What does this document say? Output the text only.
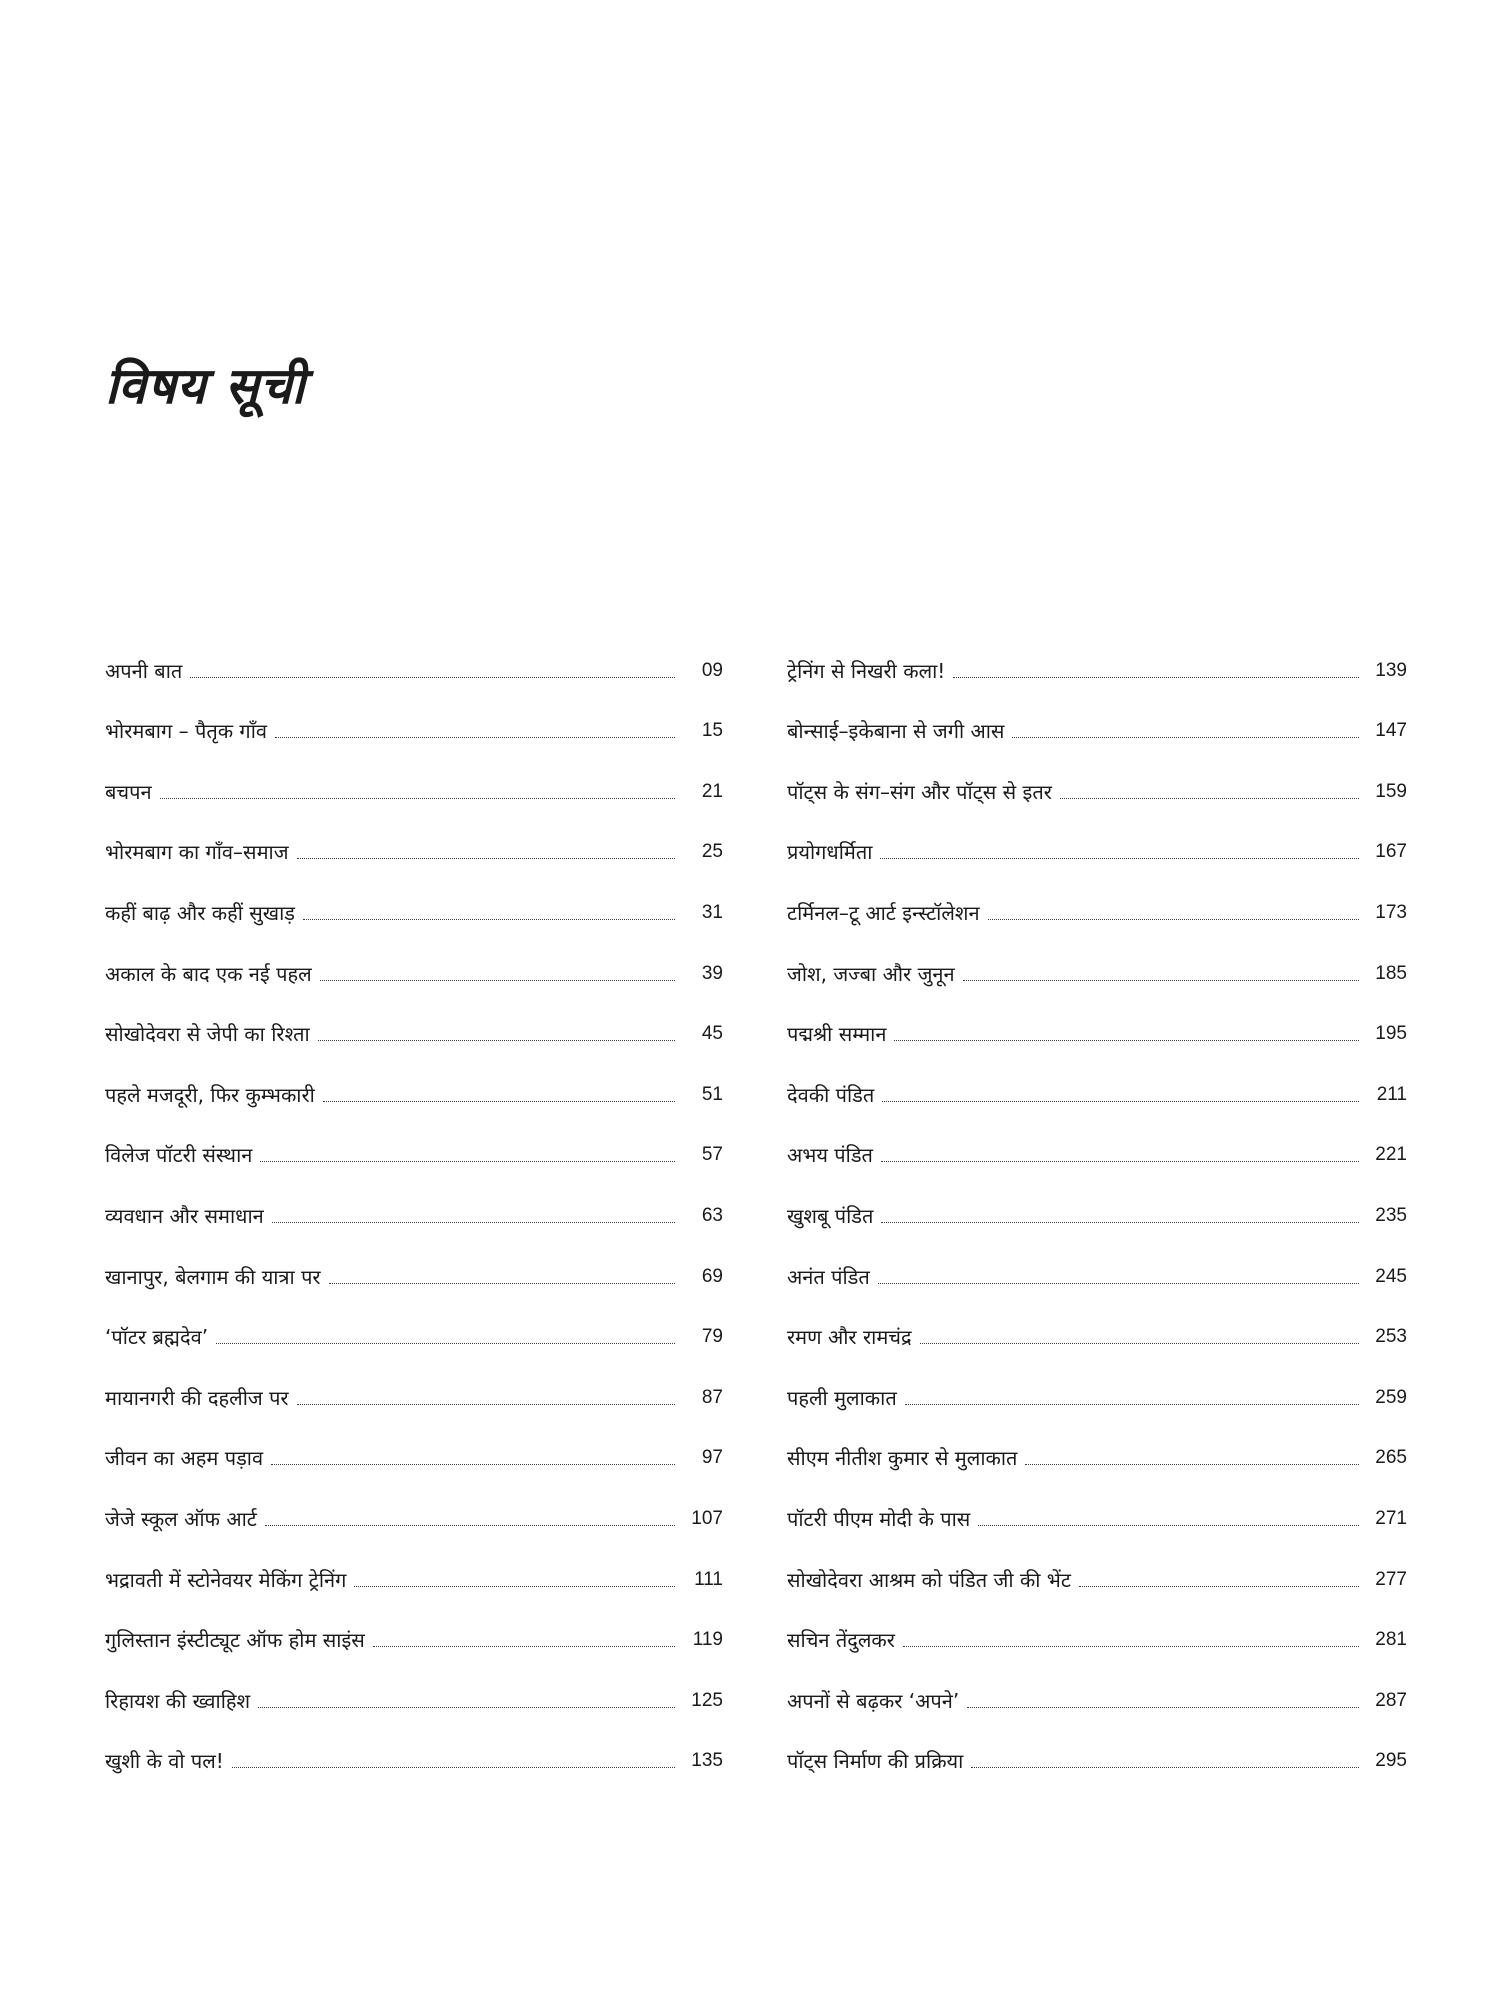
विषय सूची
अपनी बात	09
भोरमबाग – पैतृक गाँव	15
बचपन	21
भोरमबाग का गाँव–समाज	25
कहीं बाढ़ और कहीं सुखाड़	31
अकाल के बाद एक नई पहल	39
सोखोदेवरा से जेपी का रिश्ता	45
पहले मजदूरी, फिर कुम्भकारी	51
विलेज पॉटरी संस्थान	57
व्यवधान और समाधान	63
खानापुर, बेलगाम की यात्रा पर	69
‘पॉटर ब्रह्मदेव’	79
मायानगरी की दहलीज पर	87
जीवन का अहम पड़ाव	97
जेजे स्कूल ऑफ आर्ट	107
भद्रावती में स्टोनेवयर मेकिंग ट्रेनिंग	111
गुलिस्तान इंस्टीट्यूट ऑफ होम साइंस	119
रिहायश की ख्वाहिश	125
खुशी के वो पल!	135
ट्रेनिंग से निखरी कला!	139
बोन्साई–इकेबाना से जगी आस	147
पॉट्स के संग–संग और पॉट्स से इतर	159
प्रयोगधर्मिता	167
टर्मिनल–टू आर्ट इन्स्टॉलेशन	173
जोश, जज्बा और जुनून	185
पद्मश्री सम्मान	195
देवकी पंडित	211
अभय पंडित	221
खुशबू पंडित	235
अनंत पंडित	245
रमण और रामचंद्र	253
पहली मुलाकात	259
सीएम नीतीश कुमार से मुलाकात	265
पॉटरी पीएम मोदी के पास	271
सोखोदेवरा आश्रम को पंडित जी की भेंट	277
सचिन तेंदुलकर	281
अपनों से बढ़कर ‘अपने’	287
पॉट्स निर्माण की प्रक्रिया	295
